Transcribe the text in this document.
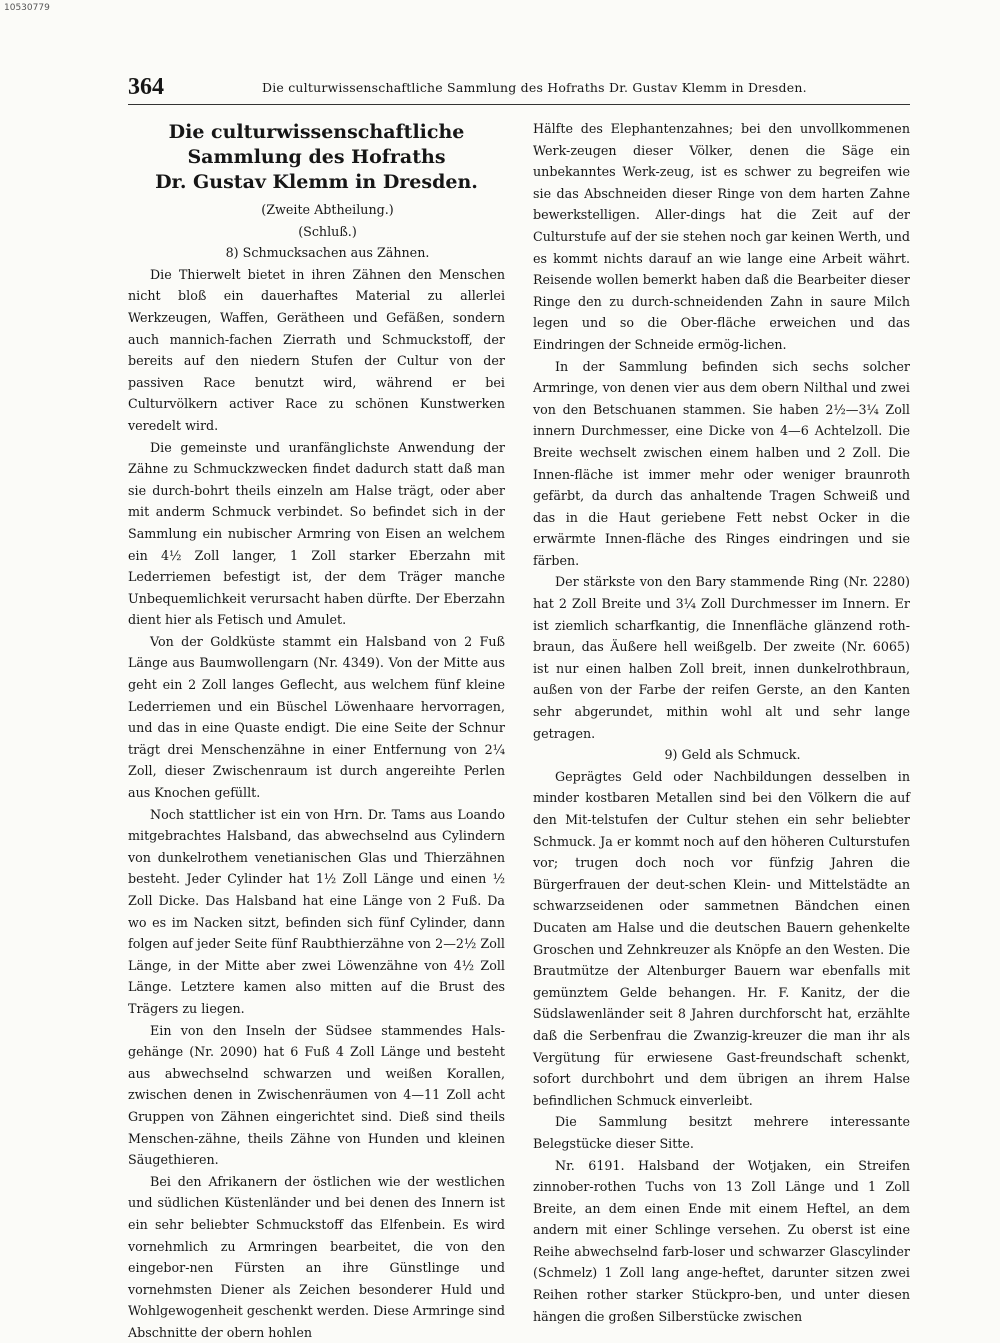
10530779
364	Die culturwissenschaftliche Sammlung des Hofraths Dr. Gustav Klemm in Dresden.
Die culturwissenschaftliche Sammlung des Hofraths
Dr. Gustav Klemm in Dresden.

(Zweite Abtheilung.)

(Schluß.)

8) Schmucksachen aus Zähnen.

Die Thierwelt bietet in ihren Zähnen den Menschen nicht bloß ein dauerhaftes Material zu allerlei Werkzeugen, Waffen, Gerätheen und Gefäßen, sondern auch mannich-fachen Zierrath und Schmuckstoff, der bereits auf den niedern Stufen der Cultur von der passiven Race benutzt wird, während er bei Culturvölkern activer Race zu schönen Kunstwerken veredelt wird.

Die gemeinste und uranfänglichste Anwendung der Zähne zu Schmuckzwecken findet dadurch statt daß man sie durch-bohrt theils einzeln am Halse trägt, oder aber mit anderm Schmuck verbindet. So befindet sich in der Sammlung ein nubischer Armring von Eisen an welchem ein 4½ Zoll langer, 1 Zoll starker Eberzahn mit Lederriemen befestigt ist, der dem Träger manche Unbequemlichkeit verursacht haben dürfte. Der Eberzahn dient hier als Fetisch und Amulet.

Von der Goldküste stammt ein Halsband von 2 Fuß Länge aus Baumwollengarn (Nr. 4349). Von der Mitte aus geht ein 2 Zoll langes Geflecht, aus welchem fünf kleine Lederriemen und ein Büschel Löwenhaare hervorragen, und das in eine Quaste endigt. Die eine Seite der Schnur trägt drei Menschenzähne in einer Entfernung von 2¼ Zoll, dieser Zwischenraum ist durch angereihte Perlen aus Knochen gefüllt.

Noch stattlicher ist ein von Hrn. Dr. Tams aus Loando mitgebrachtes Halsband, das abwechselnd aus Cylindern von dunkelrothem venetianischen Glas und Thierzähnen besteht. Jeder Cylinder hat 1½ Zoll Länge und einen ½ Zoll Dicke. Das Halsband hat eine Länge von 2 Fuß. Da wo es im Nacken sitzt, befinden sich fünf Cylinder, dann folgen auf jeder Seite fünf Raubthierzähne von 2—2½ Zoll Länge, in der Mitte aber zwei Löwenzähne von 4½ Zoll Länge. Letztere kamen also mitten auf die Brust des Trägers zu liegen.

Ein von den Inseln der Südsee stammendes Hals-gehänge (Nr. 2090) hat 6 Fuß 4 Zoll Länge und besteht aus abwechselnd schwarzen und weißen Korallen, zwischen denen in Zwischenräumen von 4—11 Zoll acht Gruppen von Zähnen eingerichtet sind. Dieß sind theils Menschen-zähne, theils Zähne von Hunden und kleinen Säugethieren.

Bei den Afrikanern der östlichen wie der westlichen und südlichen Küstenländer und bei denen des Innern ist ein sehr beliebter Schmuckstoff das Elfenbein. Es wird vornehmlich zu Armringen bearbeitet, die von den eingebor-nen Fürsten an ihre Günstlinge und vornehmsten Diener als Zeichen besonderer Huld und Wohlgewogenheit geschenkt werden. Diese Armringe sind Abschnitte der obern hohlen

Hälfte des Elephantenzahnes; bei den unvollkommenen Werk-zeugen dieser Völker, denen die Säge ein unbekanntes Werk-zeug, ist es schwer zu begreifen wie sie das Abschneiden dieser Ringe von dem harten Zahne bewerkstelligen. Aller-dings hat die Zeit auf der Culturstufe auf der sie stehen noch gar keinen Werth, und es kommt nichts darauf an wie lange eine Arbeit währt. Reisende wollen bemerkt haben daß die Bearbeiter dieser Ringe den zu durch-schneidenden Zahn in saure Milch legen und so die Ober-fläche erweichen und das Eindringen der Schneide ermög-lichen.

In der Sammlung befinden sich sechs solcher Armringe, von denen vier aus dem obern Nilthal und zwei von den Betschuanen stammen. Sie haben 2½—3¼ Zoll innern Durchmesser, eine Dicke von 4—6 Achtelzoll. Die Breite wechselt zwischen einem halben und 2 Zoll. Die Innen-fläche ist immer mehr oder weniger braunroth gefärbt, da durch das anhaltende Tragen Schweiß und das in die Haut geriebene Fett nebst Ocker in die erwärmte Innen-fläche des Ringes eindringen und sie färben.

Der stärkste von den Bary stammende Ring (Nr. 2280) hat 2 Zoll Breite und 3¼ Zoll Durchmesser im Innern. Er ist ziemlich scharfkantig, die Innenfläche glänzend roth-braun, das Äußere hell weißgelb. Der zweite (Nr. 6065) ist nur einen halben Zoll breit, innen dunkelrothbraun, außen von der Farbe der reifen Gerste, an den Kanten sehr abgerundet, mithin wohl alt und sehr lange getragen.

9) Geld als Schmuck.

Geprägtes Geld oder Nachbildungen desselben in minder kostbaren Metallen sind bei den Völkern die auf den Mit-telstufen der Cultur stehen ein sehr beliebter Schmuck. Ja er kommt noch auf den höheren Culturstufen vor; trugen doch noch vor fünfzig Jahren die Bürgerfrauen der deut-schen Klein- und Mittelstädte an schwarzseidenen oder sammetnen Bändchen einen Ducaten am Halse und die deutschen Bauern gehenkelte Groschen und Zehnkreuzer als Knöpfe an den Westen. Die Brautmütze der Altenburger Bauern war ebenfalls mit gemünztem Gelde behangen. Hr. F. Kanitz, der die Südslawenländer seit 8 Jahren durchforscht hat, erzählte daß die Serbenfrau die Zwanzig-kreuzer die man ihr als Vergütung für erwiesene Gast-freundschaft schenkt, sofort durchbohrt und dem übrigen an ihrem Halse befindlichen Schmuck einverleibt.

Die Sammlung besitzt mehrere interessante Belegstücke dieser Sitte.

Nr. 6191. Halsband der Wotjaken, ein Streifen zinnober-rothen Tuchs von 13 Zoll Länge und 1 Zoll Breite, an dem einen Ende mit einem Heftel, an dem andern mit einer Schlinge versehen. Zu oberst ist eine Reihe abwechselnd farb-loser und schwarzer Glascylinder (Schmelz) 1 Zoll lang ange-heftet, darunter sitzen zwei Reihen rother starker Stückpro-ben, und unter diesen hängen die großen Silberstücke zwischen
